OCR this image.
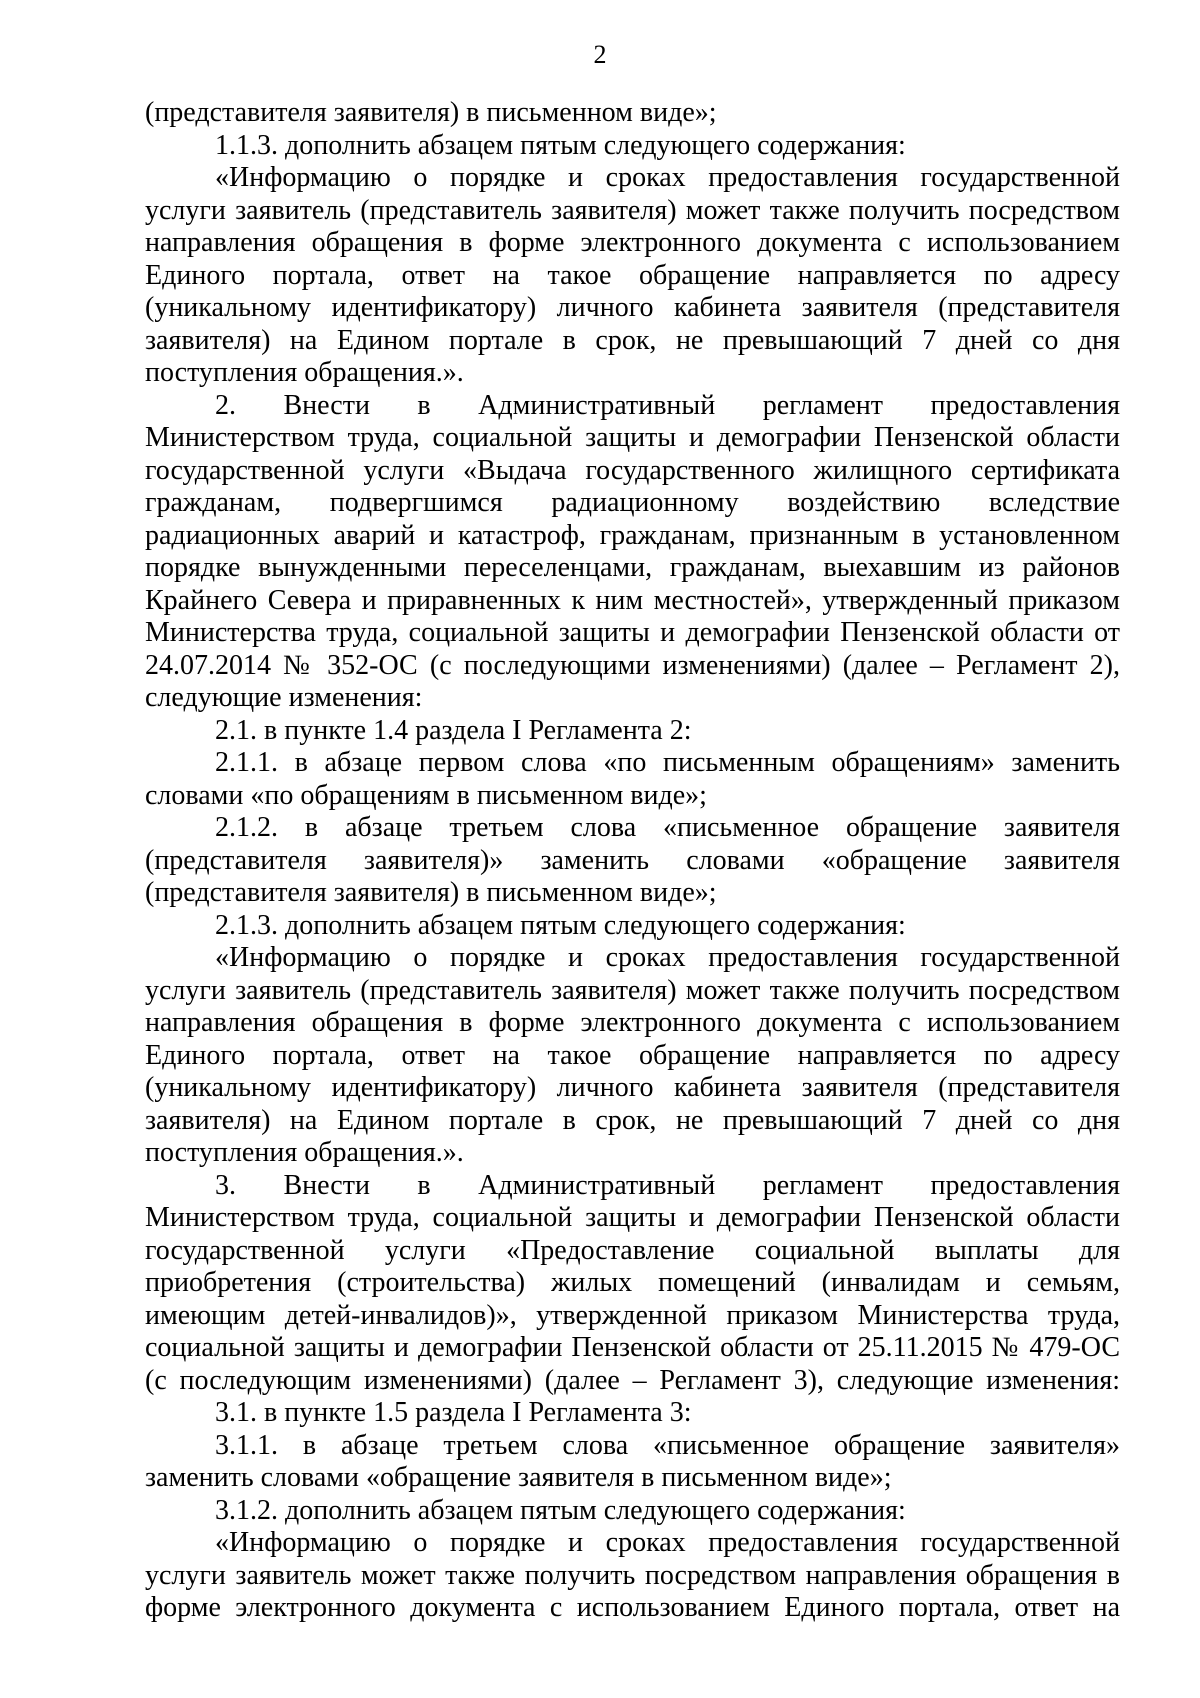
2
(представителя заявителя) в письменном виде»;
1.1.3. дополнить абзацем пятым следующего содержания:
«Информацию о порядке и сроках предоставления государственной
услуги заявитель (представитель заявителя) может также получить посредством
направления обращения в форме электронного документа с использованием
Единого портала, ответ на такое обращение направляется по адресу
(уникальному идентификатору) личного кабинета заявителя (представителя
заявителя) на Едином портале в срок, не превышающий 7 дней со дня
поступления обращения.».
2. Внести в Административный регламент предоставления
Министерством труда, социальной защиты и демографии Пензенской области
государственной услуги «Выдача государственного жилищного сертификата
гражданам, подвергшимся радиационному воздействию вследствие
радиационных аварий и катастроф, гражданам, признанным в установленном
порядке вынужденными переселенцами, гражданам, выехавшим из районов
Крайнего Севера и приравненных к ним местностей», утвержденный приказом
Министерства труда, социальной защиты и демографии Пензенской области от
24.07.2014 № 352-ОС (с последующими изменениями) (далее – Регламент 2),
следующие изменения:
2.1. в пункте 1.4 раздела I Регламента 2:
2.1.1. в абзаце первом слова «по письменным обращениям» заменить
словами «по обращениям в письменном виде»;
2.1.2. в абзаце третьем слова «письменное обращение заявителя
(представителя заявителя)» заменить словами «обращение заявителя
(представителя заявителя) в письменном виде»;
2.1.3. дополнить абзацем пятым следующего содержания:
«Информацию о порядке и сроках предоставления государственной
услуги заявитель (представитель заявителя) может также получить посредством
направления обращения в форме электронного документа с использованием
Единого портала, ответ на такое обращение направляется по адресу
(уникальному идентификатору) личного кабинета заявителя (представителя
заявителя) на Едином портале в срок, не превышающий 7 дней со дня
поступления обращения.».
3. Внести в Административный регламент предоставления
Министерством труда, социальной защиты и демографии Пензенской области
государственной услуги «Предоставление социальной выплаты для
приобретения (строительства) жилых помещений (инвалидам и семьям,
имеющим детей-инвалидов)», утвержденной приказом Министерства труда,
социальной защиты и демографии Пензенской области от 25.11.2015 № 479-ОС
(с последующим изменениями) (далее – Регламент 3), следующие изменения:
3.1. в пункте 1.5 раздела I Регламента 3:
3.1.1. в абзаце третьем слова «письменное обращение заявителя»
заменить словами «обращение заявителя в письменном виде»;
3.1.2. дополнить абзацем пятым следующего содержания:
«Информацию о порядке и сроках предоставления государственной
услуги заявитель может также получить посредством направления обращения в
форме электронного документа с использованием Единого портала, ответ на
